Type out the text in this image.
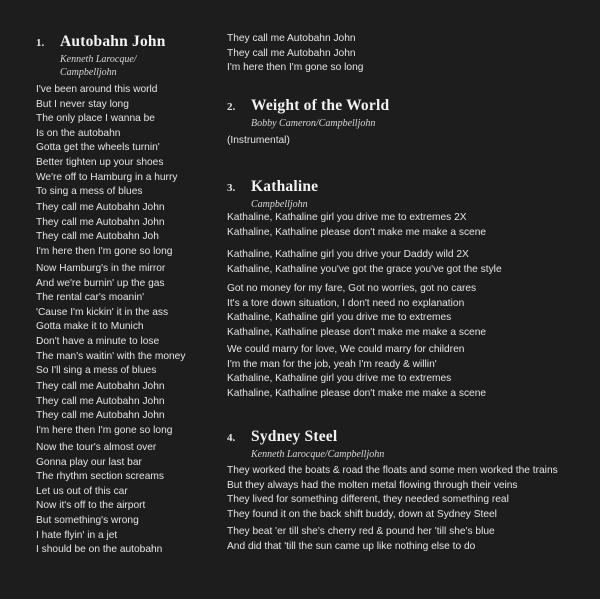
1.	Autobahn John
Kenneth Larocque/
Campbelljohn
I've been around this world
But I never stay long
The only place I wanna be
Is on the autobahn
Gotta get the wheels turnin'
Better tighten up your shoes
We're off to Hamburg in a hurry
To sing a mess of blues
They call me Autobahn John
They call me Autobahn John
They call me Autobahn Joh
I'm here then I'm gone so long
Now Hamburg's in the mirror
And we're burnin' up the gas
The rental car's moanin'
'Cause I'm kickin' it in the ass
Gotta make it to Munich
Don't have a minute to lose
The man's waitin' with the money
So I'll sing a mess of blues
They call me Autobahn John
They call me Autobahn John
They call me Autobahn John
I'm here then I'm gone so long
Now the tour's almost over
Gonna play our last bar
The rhythm section screams
Let us out of this car
Now it's off to the airport
But something's wrong
I hate flyin' in a jet
I should be on the autobahn
They call me Autobahn John
They call me Autobahn John
I'm here then I'm gone so long
2.	Weight of the World
Bobby Cameron/Campbelljohn
(Instrumental)
3.	Kathaline
Campbelljohn
Kathaline, Kathaline girl you drive me to extremes 2X
Kathaline, Kathaline please don't make me make a scene
Kathaline, Kathaline girl you drive your Daddy wild 2X
Kathaline, Kathaline you've got the grace you've got the style
Got no money for my fare, Got no worries, got no cares
It's a tore down situation, I don't need no explanation
Kathaline, Kathaline girl you drive me to extremes
Kathaline, Kathaline please don't make me make a scene
We could marry for love, We could marry for children
I'm the man for the job, yeah I'm ready & willin'
Kathaline, Kathaline girl you drive me to extremes
Kathaline, Kathaline please don't make me make a scene
4.	Sydney Steel
Kenneth Larocque/Campbelljohn
They worked the boats & road the floats and some men worked the trains
But they always had the molten metal flowing through their veins
They lived for something different, they needed something real
They found it on the back shift buddy, down at Sydney Steel
They beat 'er till she's cherry red & pound her 'till she's blue
And did that 'till the sun came up like nothing else to do
